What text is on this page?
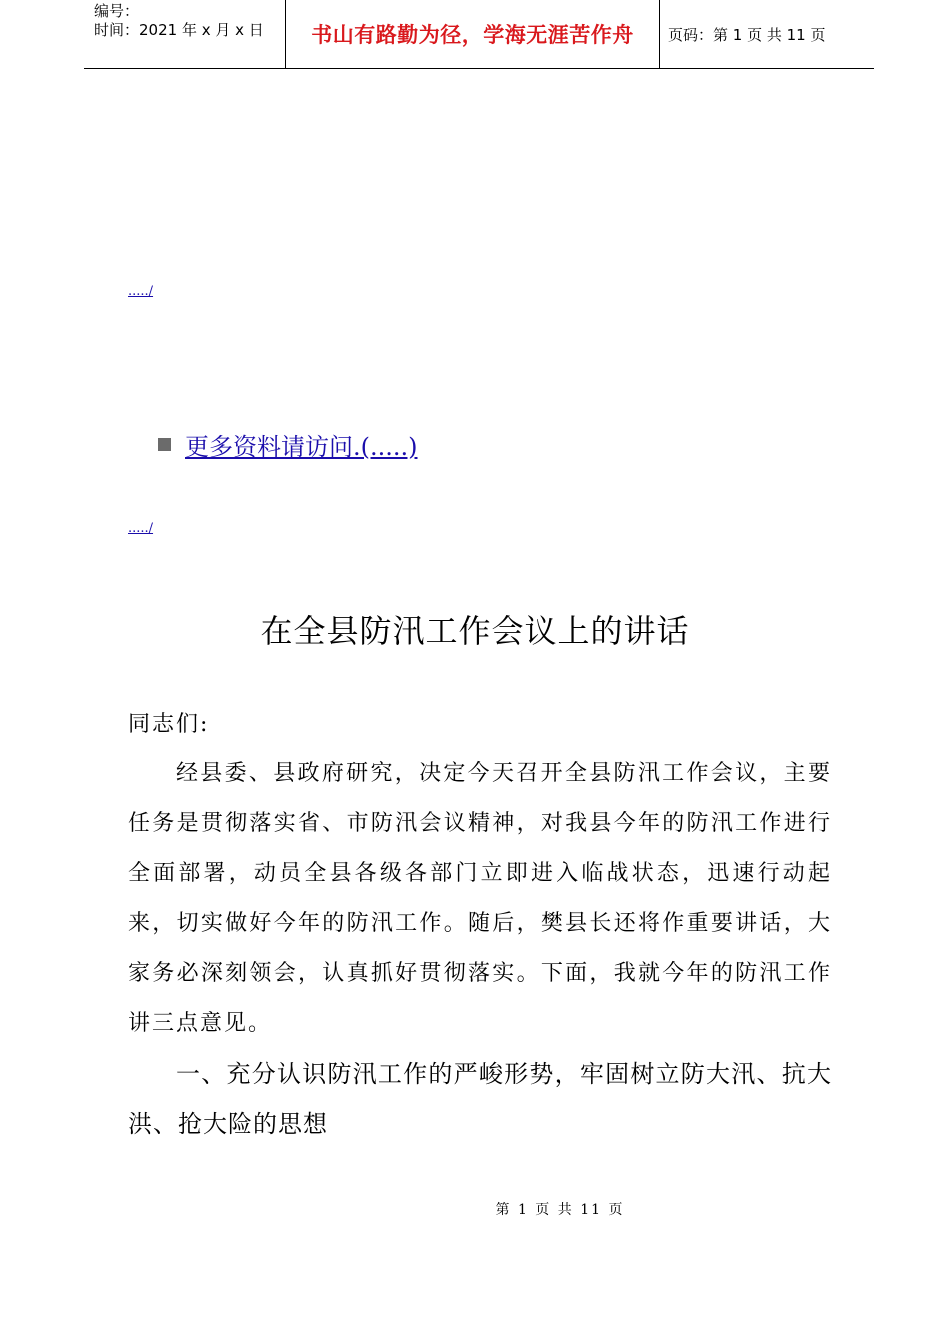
编号：
时间：2021 年 x 月 x 日	书山有路勤为径，学海无涯苦作舟	页码：第 1 页 共 11 页
...../
更多资料请访问.(.....)
...../
在全县防汛工作会议上的讲话
同志们:
经县委、县政府研究，决定今天召开全县防汛工作会议，主要任务是贯彻落实省、市防汛会议精神，对我县今年的防汛工作进行全面部署，动员全县各级各部门立即进入临战状态，迅速行动起来，切实做好今年的防汛工作。随后，樊县长还将作重要讲话，大家务必深刻领会，认真抓好贯彻落实。下面，我就今年的防汛工作讲三点意见。
一、充分认识防汛工作的严峻形势，牢固树立防大汛、抗大洪、抢大险的思想
第 1 页 共 11 页
